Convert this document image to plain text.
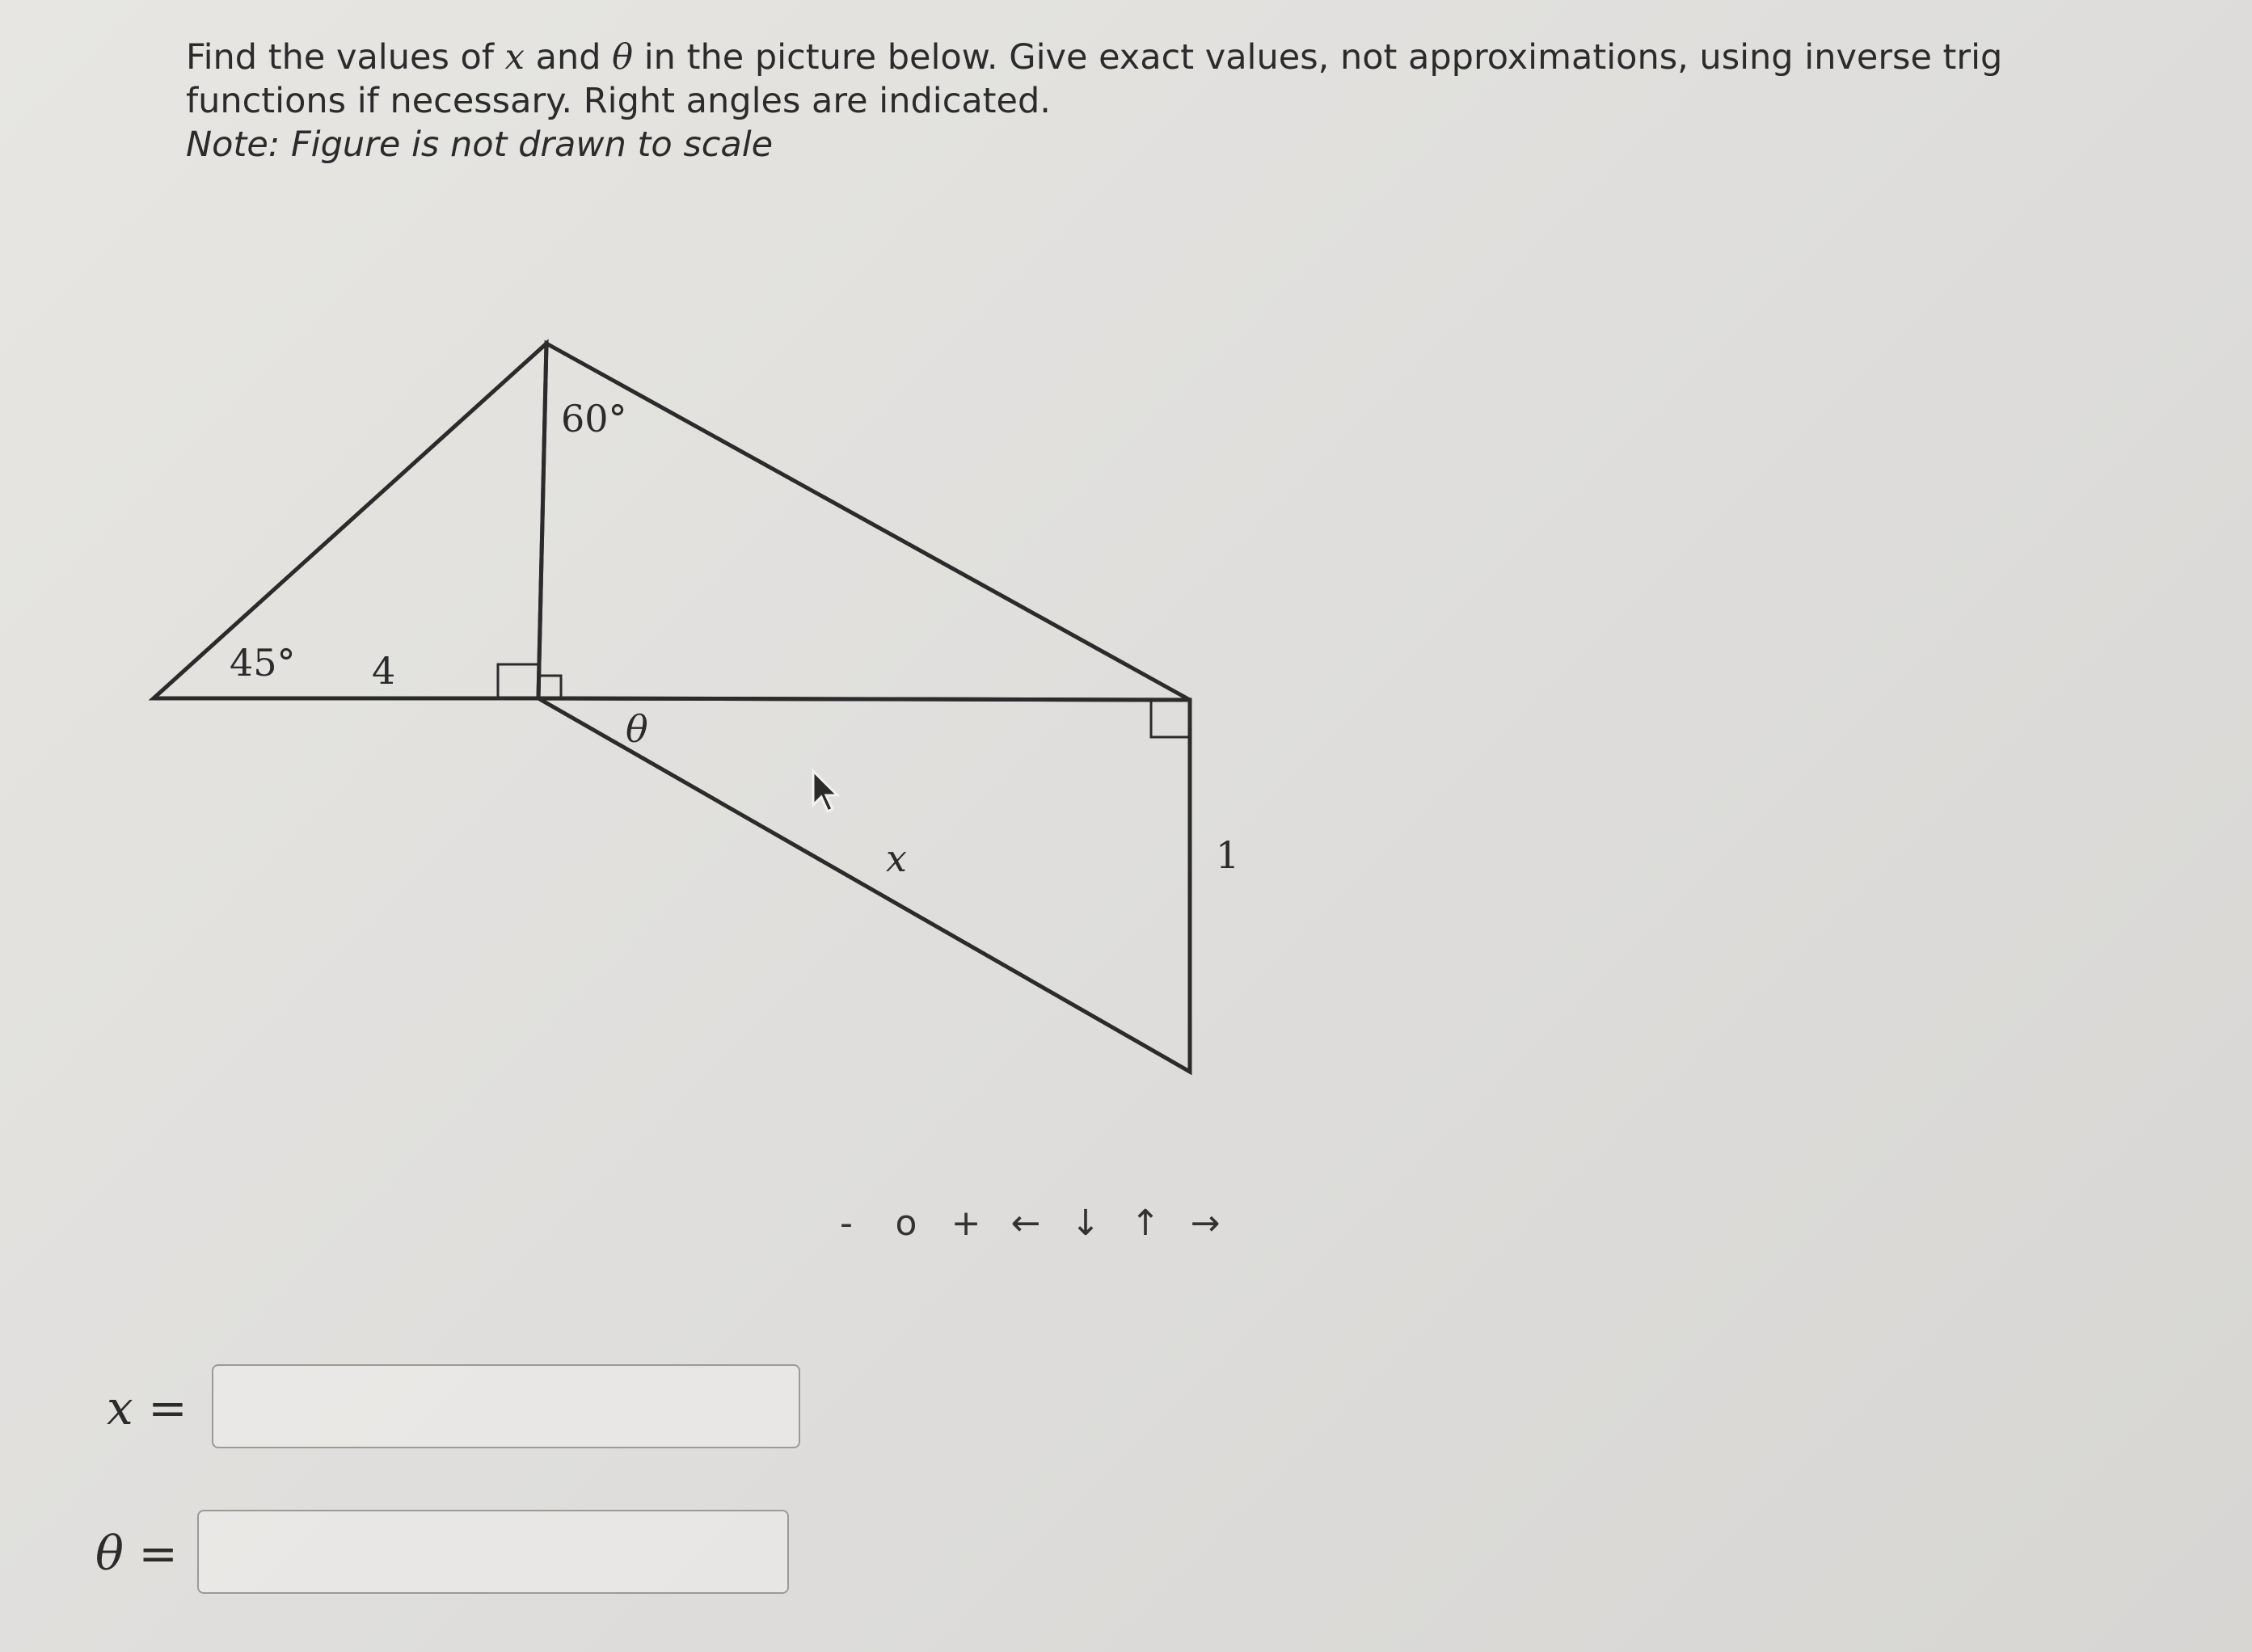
Find the values of x and θ in the picture below. Give exact values, not approximations, using inverse trig
functions if necessary. Right angles are indicated.
Note: Figure is not drawn to scale
45° 4
60°
θ
x	1
-	o + ← ↓ ↑ →
x =
θ =
